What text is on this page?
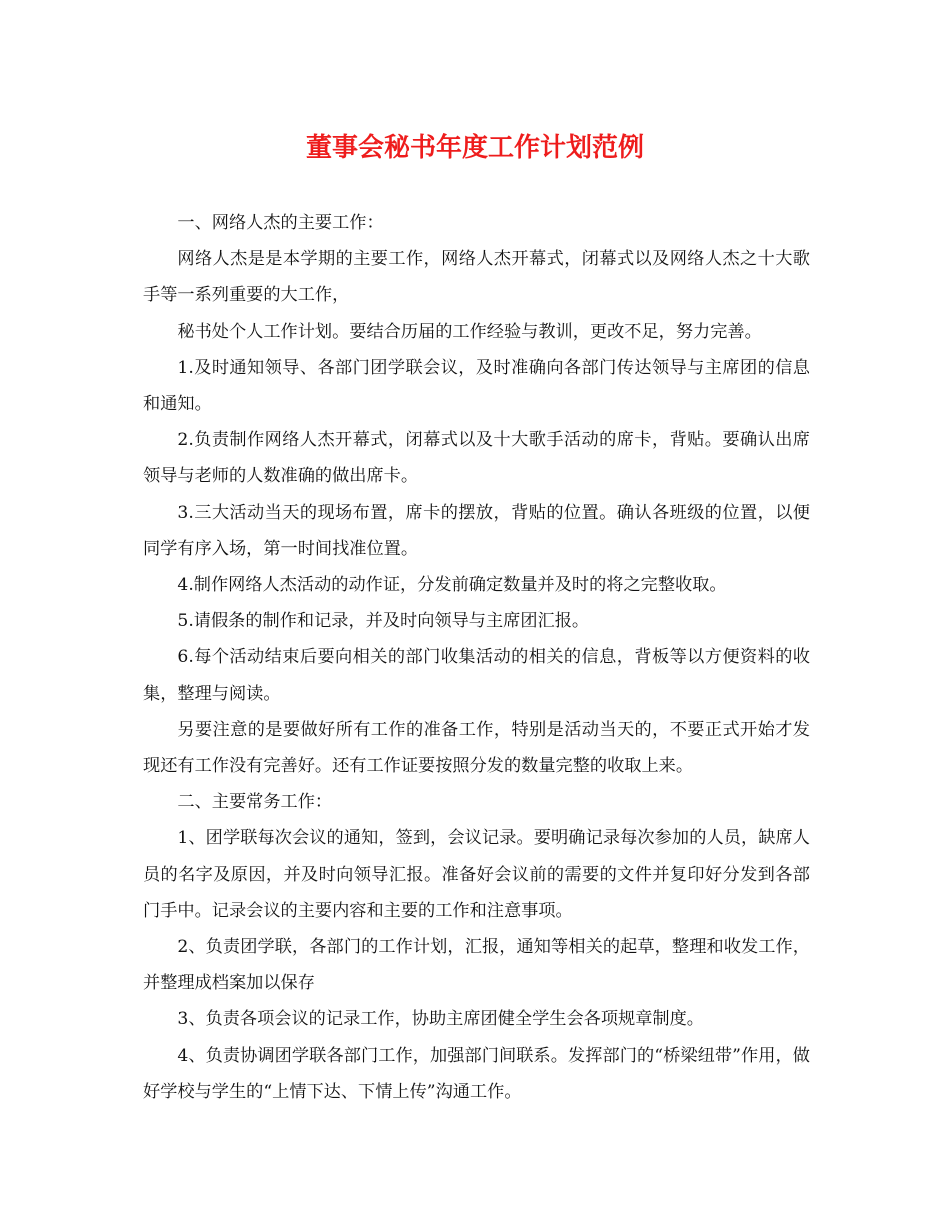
董事会秘书年度工作计划范例

一、网络人杰的主要工作：

网络人杰是是本学期的主要工作，网络人杰开幕式，闭幕式以及网络人杰之十大歌手等一系列重要的大工作，

秘书处个人工作计划。要结合历届的工作经验与教训，更改不足，努力完善。

1.及时通知领导、各部门团学联会议，及时准确向各部门传达领导与主席团的信息和通知。

2.负责制作网络人杰开幕式，闭幕式以及十大歌手活动的席卡，背贴。要确认出席领导与老师的人数准确的做出席卡。

3.三大活动当天的现场布置，席卡的摆放，背贴的位置。确认各班级的位置，以便同学有序入场，第一时间找准位置。

4.制作网络人杰活动的动作证，分发前确定数量并及时的将之完整收取。

5.请假条的制作和记录，并及时向领导与主席团汇报。

6.每个活动结束后要向相关的部门收集活动的相关的信息，背板等以方便资料的收集，整理与阅读。

另要注意的是要做好所有工作的准备工作，特别是活动当天的，不要正式开始才发现还有工作没有完善好。还有工作证要按照分发的数量完整的收取上来。

二、主要常务工作：

1、团学联每次会议的通知，签到，会议记录。要明确记录每次参加的人员，缺席人员的名字及原因，并及时向领导汇报。准备好会议前的需要的文件并复印好分发到各部门手中。记录会议的主要内容和主要的工作和注意事项。

2、负责团学联，各部门的工作计划，汇报，通知等相关的起草，整理和收发工作，并整理成档案加以保存

3、负责各项会议的记录工作，协助主席团健全学生会各项规章制度。

4、负责协调团学联各部门工作，加强部门间联系。发挥部门的“桥梁纽带”作用，做好学校与学生的“上情下达、下情上传”沟通工作。
